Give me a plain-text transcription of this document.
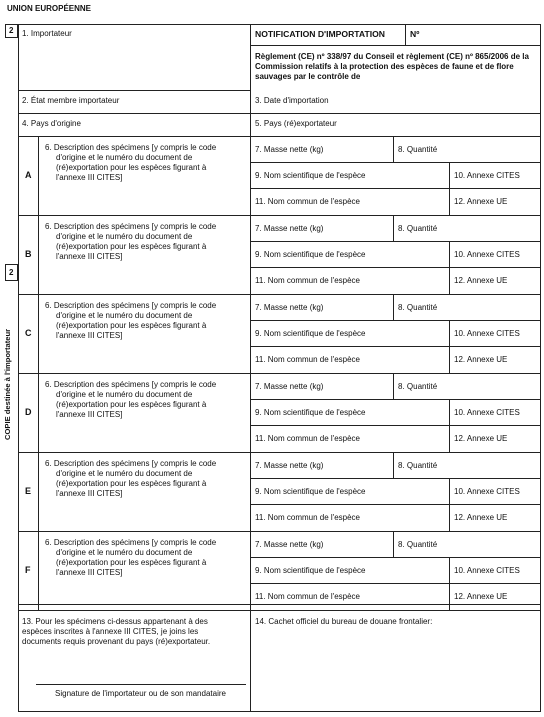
UNION EUROPÉENNE
2
2
COPIE destinée à l'importateur
1. Importateur	NOTIFICATION D'IMPORTATION	Nº
Règlement (CE) nº 338/97 du Conseil et règlement (CE) nº 865/2006 de la Commission relatifs à la protection des espèces de faune et de flore sauvages par le contrôle de
2. État membre importateur	3. Date d'importation
4. Pays d'origine	5. Pays (ré)exportateur
A
6. Description des spécimens [y compris le code d'origine et le numéro du document de (ré)exportation pour les espèces figurant à l'annexe III CITES]
7. Masse nette (kg)	8. Quantité
9. Nom scientifique de l'espèce	10. Annexe CITES
11. Nom commun de l'espèce	12. Annexe UE
B
6. Description des spécimens [y compris le code d'origine et le numéro du document de (ré)exportation pour les espèces figurant à l'annexe III CITES]
7. Masse nette (kg)	8. Quantité
9. Nom scientifique de l'espèce	10. Annexe CITES
11. Nom commun de l'espèce	12. Annexe UE
C
6. Description des spécimens [y compris le code d'origine et le numéro du document de (ré)exportation pour les espèces figurant à l'annexe III CITES]
7. Masse nette (kg)	8. Quantité
9. Nom scientifique de l'espèce	10. Annexe CITES
11. Nom commun de l'espèce	12. Annexe UE
D
6. Description des spécimens [y compris le code d'origine et le numéro du document de (ré)exportation pour les espèces figurant à l'annexe III CITES]
7. Masse nette (kg)	8. Quantité
9. Nom scientifique de l'espèce	10. Annexe CITES
11. Nom commun de l'espèce	12. Annexe UE
E
6. Description des spécimens [y compris le code d'origine et le numéro du document de (ré)exportation pour les espèces figurant à l'annexe III CITES]
7. Masse nette (kg)	8. Quantité
9. Nom scientifique de l'espèce	10. Annexe CITES
11. Nom commun de l'espèce	12. Annexe UE
F
6. Description des spécimens [y compris le code d'origine et le numéro du document de (ré)exportation pour les espèces figurant à l'annexe III CITES]
7. Masse nette (kg)	8. Quantité
9. Nom scientifique de l'espèce	10. Annexe CITES
11. Nom commun de l'espèce	12. Annexe UE
13. Pour les spécimens ci-dessus appartenant à des espèces inscrites à l'annexe III CITES, je joins les documents requis provenant du pays (ré)exportateur.
14. Cachet officiel du bureau de douane frontalier:
Signature de l'importateur ou de son mandataire
